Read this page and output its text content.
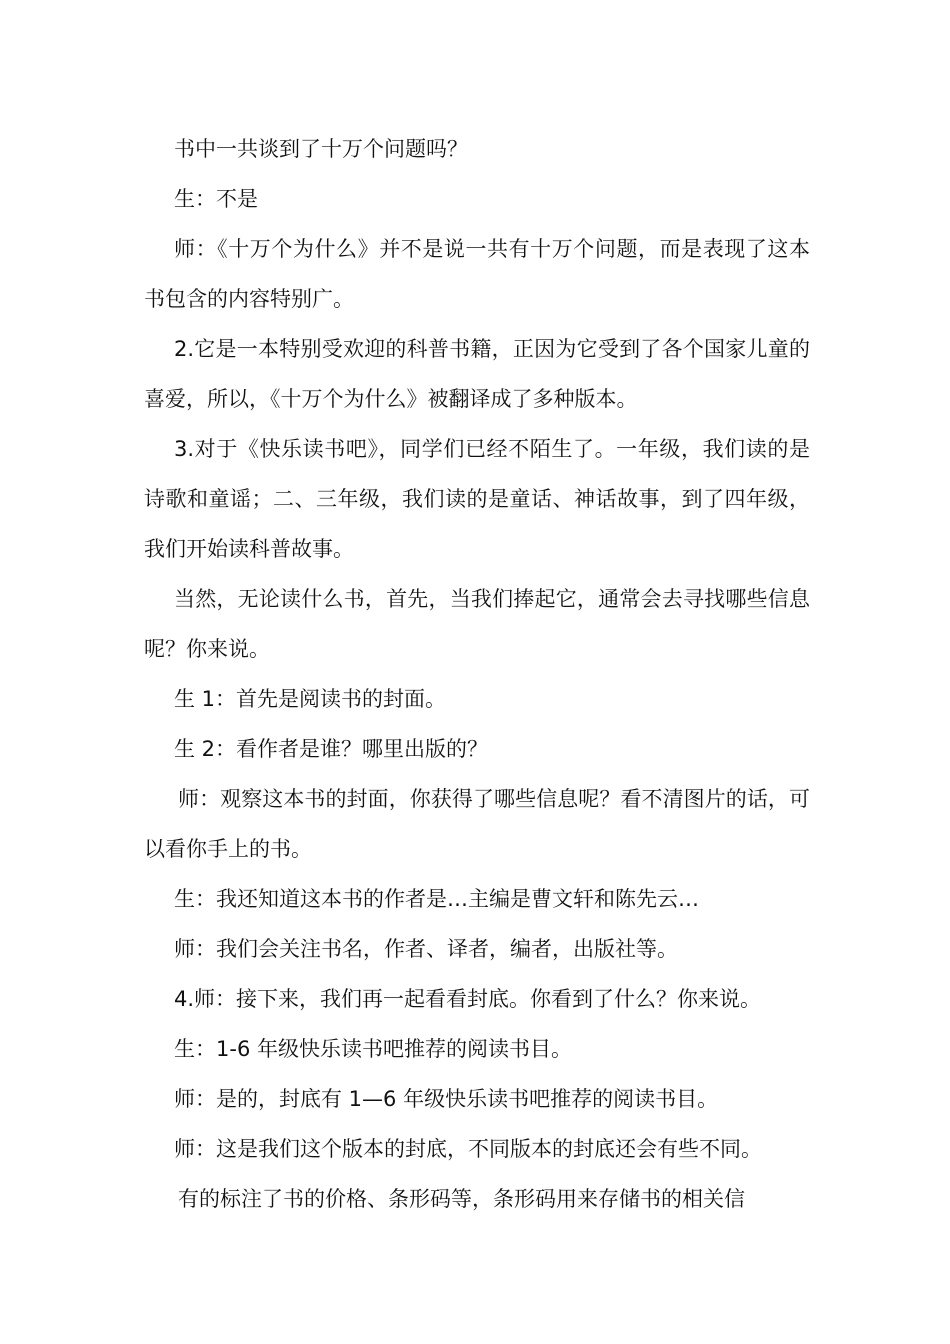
书中一共谈到了十万个问题吗？

生：不是

师：《十万个为什么》并不是说一共有十万个问题，而是表现了这本书包含的内容特别广。

2.它是一本特别受欢迎的科普书籍，正因为它受到了各个国家儿童的喜爱，所以，《十万个为什么》被翻译成了多种版本。

3.对于《快乐读书吧》，同学们已经不陌生了。一年级，我们读的是诗歌和童谣；二、三年级，我们读的是童话、神话故事，到了四年级，我们开始读科普故事。

当然，无论读什么书，首先，当我们捧起它，通常会去寻找哪些信息呢？你来说。

生 1：首先是阅读书的封面。

生 2：看作者是谁？哪里出版的？

师：观察这本书的封面，你获得了哪些信息呢？看不清图片的话，可以看你手上的书。

生：我还知道这本书的作者是…主编是曹文轩和陈先云…

师：我们会关注书名，作者、译者，编者，出版社等。

4.师：接下来，我们再一起看看封底。你看到了什么？你来说。

生：1-6 年级快乐读书吧推荐的阅读书目。

师：是的，封底有 1—6 年级快乐读书吧推荐的阅读书目。

师：这是我们这个版本的封底，不同版本的封底还会有些不同。

有的标注了书的价格、条形码等，条形码用来存储书的相关信
